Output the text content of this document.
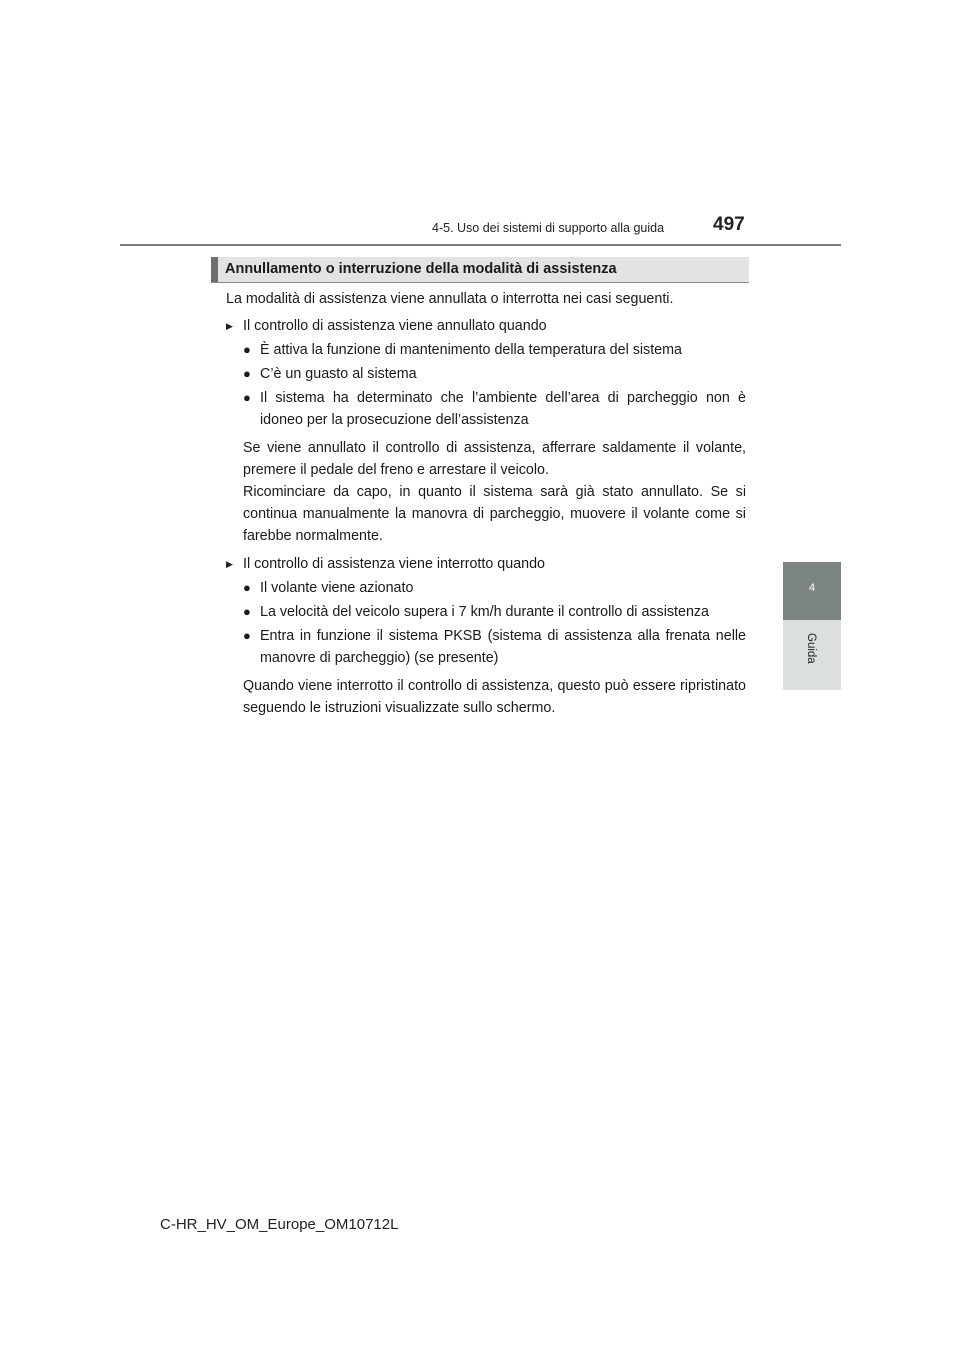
4-5. Uso dei sistemi di supporto alla guida	497
4
Guida
Annullamento o interruzione della modalità di assistenza

La modalità di assistenza viene annullata o interrotta nei casi seguenti.

▶ Il controllo di assistenza viene annullato quando
● È attiva la funzione di mantenimento della temperatura del sistema
● C’è un guasto al sistema
● Il sistema ha determinato che l’ambiente dell’area di parcheggio non è idoneo per la prosecuzione dell’assistenza

Se viene annullato il controllo di assistenza, afferrare saldamente il volante, premere il pedale del freno e arrestare il veicolo.

Ricominciare da capo, in quanto il sistema sarà già stato annullato. Se si continua manualmente la manovra di parcheggio, muovere il volante come si farebbe normalmente.

▶ Il controllo di assistenza viene interrotto quando
● Il volante viene azionato
● La velocità del veicolo supera i 7 km/h durante il controllo di assistenza
● Entra in funzione il sistema PKSB (sistema di assistenza alla frenata nelle manovre di parcheggio) (se presente)

Quando viene interrotto il controllo di assistenza, questo può essere ripristinato seguendo le istruzioni visualizzate sullo schermo.

C-HR_HV_OM_Europe_OM10712L
